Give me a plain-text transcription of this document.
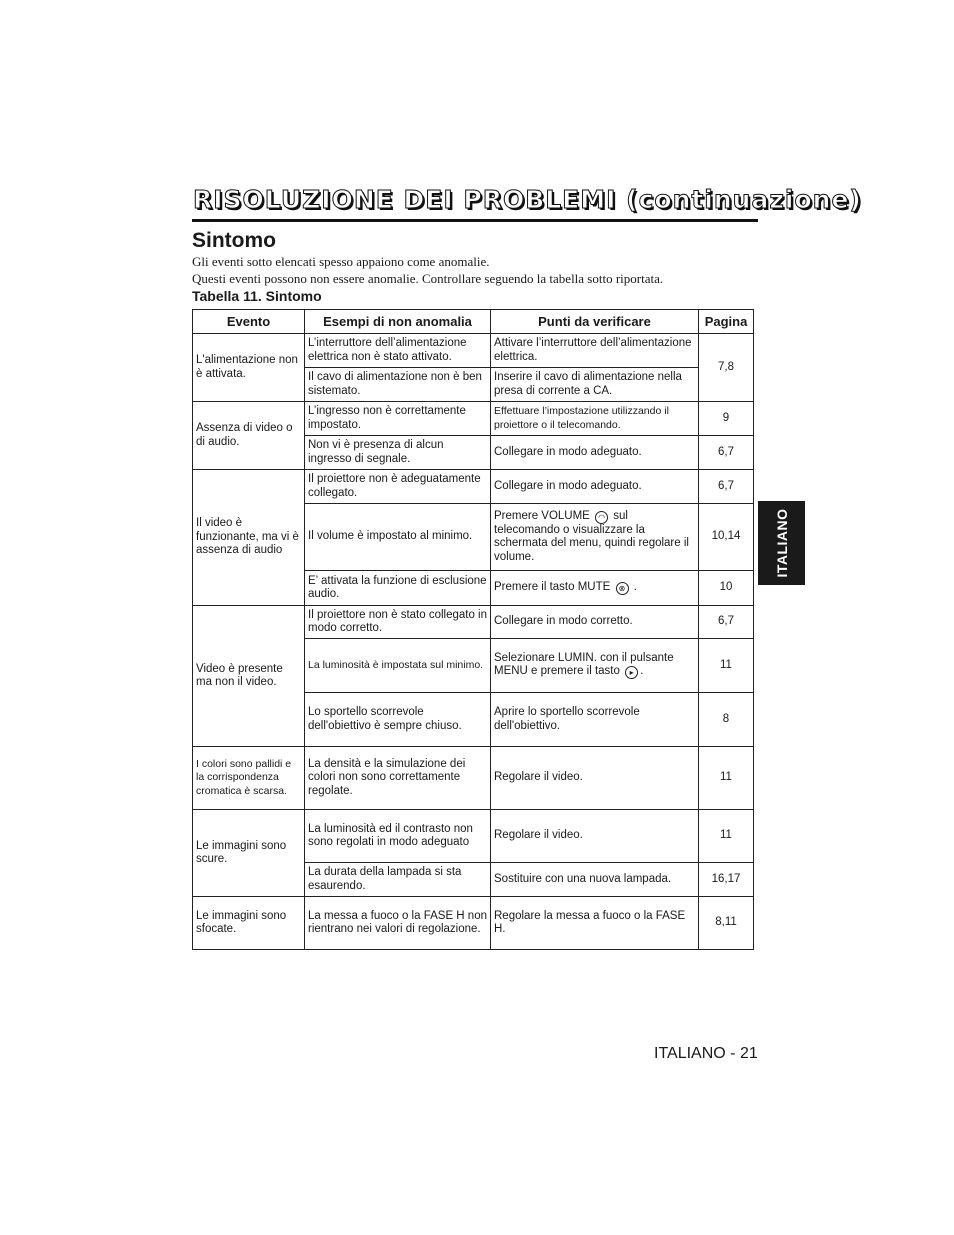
RISOLUZIONE DEI PROBLEMI (continuazione)
Sintomo

Gli eventi sotto elencati spesso appaiono come anomalie.
Questi eventi possono non essere anomalie. Controllare seguendo la tabella sotto riportata.

Tabella 11. Sintomo

Evento	Esempi di non anomalia	Punti da verificare	Pagina
L'alimentazione non è attivata.	L’interruttore dell’alimentazione elettrica non è stato attivato.	Attivare l’interruttore dell’alimentazione elettrica.	7,8
	Il cavo di alimentazione non è ben sistemato.	Inserire il cavo di alimentazione nella presa di corrente a CA.	
Assenza di video o di audio.	L’ingresso non è correttamente impostato.	Effettuare l’impostazione utilizzando il proiettore o il telecomando.	9
	Non vi è presenza di alcun ingresso di segnale.	Collegare in modo adeguato.	6,7
Il video è funzionante, ma vi è assenza di audio	Il proiettore non è adeguatamente collegato.	Collegare in modo adeguato.	6,7
	Il volume è impostato al minimo.	Premere VOLUME ◠ sul telecomando o visualizzare la schermata del menu, quindi regolare il volume.	10,14
	E’ attivata la funzione di esclusione audio.	Premere il tasto MUTE ⊗ .	10
Video è presente ma non il video.	Il proiettore non è stato collegato in modo corretto.	Collegare in modo corretto.	6,7
	La luminosità è impostata sul minimo.	Selezionare LUMIN. con il pulsante MENU e premere il tasto ▸ .	11
	Lo sportello scorrevole dell'obiettivo è sempre chiuso.	Aprire lo sportello scorrevole dell'obiettivo.	8
I colori sono pallidi e la corrispondenza cromatica è scarsa.	La densità e la simulazione dei colori non sono correttamente regolate.	Regolare il video.	11
Le immagini sono scure.	La luminosità ed il contrasto non sono regolati in modo adeguato	Regolare il video.	11
	La durata della lampada si sta esaurendo.	Sostituire con una nuova lampada.	16,17
Le immagini sono sfocate.	La messa a fuoco o la FASE H non rientrano nei valori di regolazione.	Regolare la messa a fuoco o la FASE H.	8,11
ITALIANO

ITALIANO - 21
